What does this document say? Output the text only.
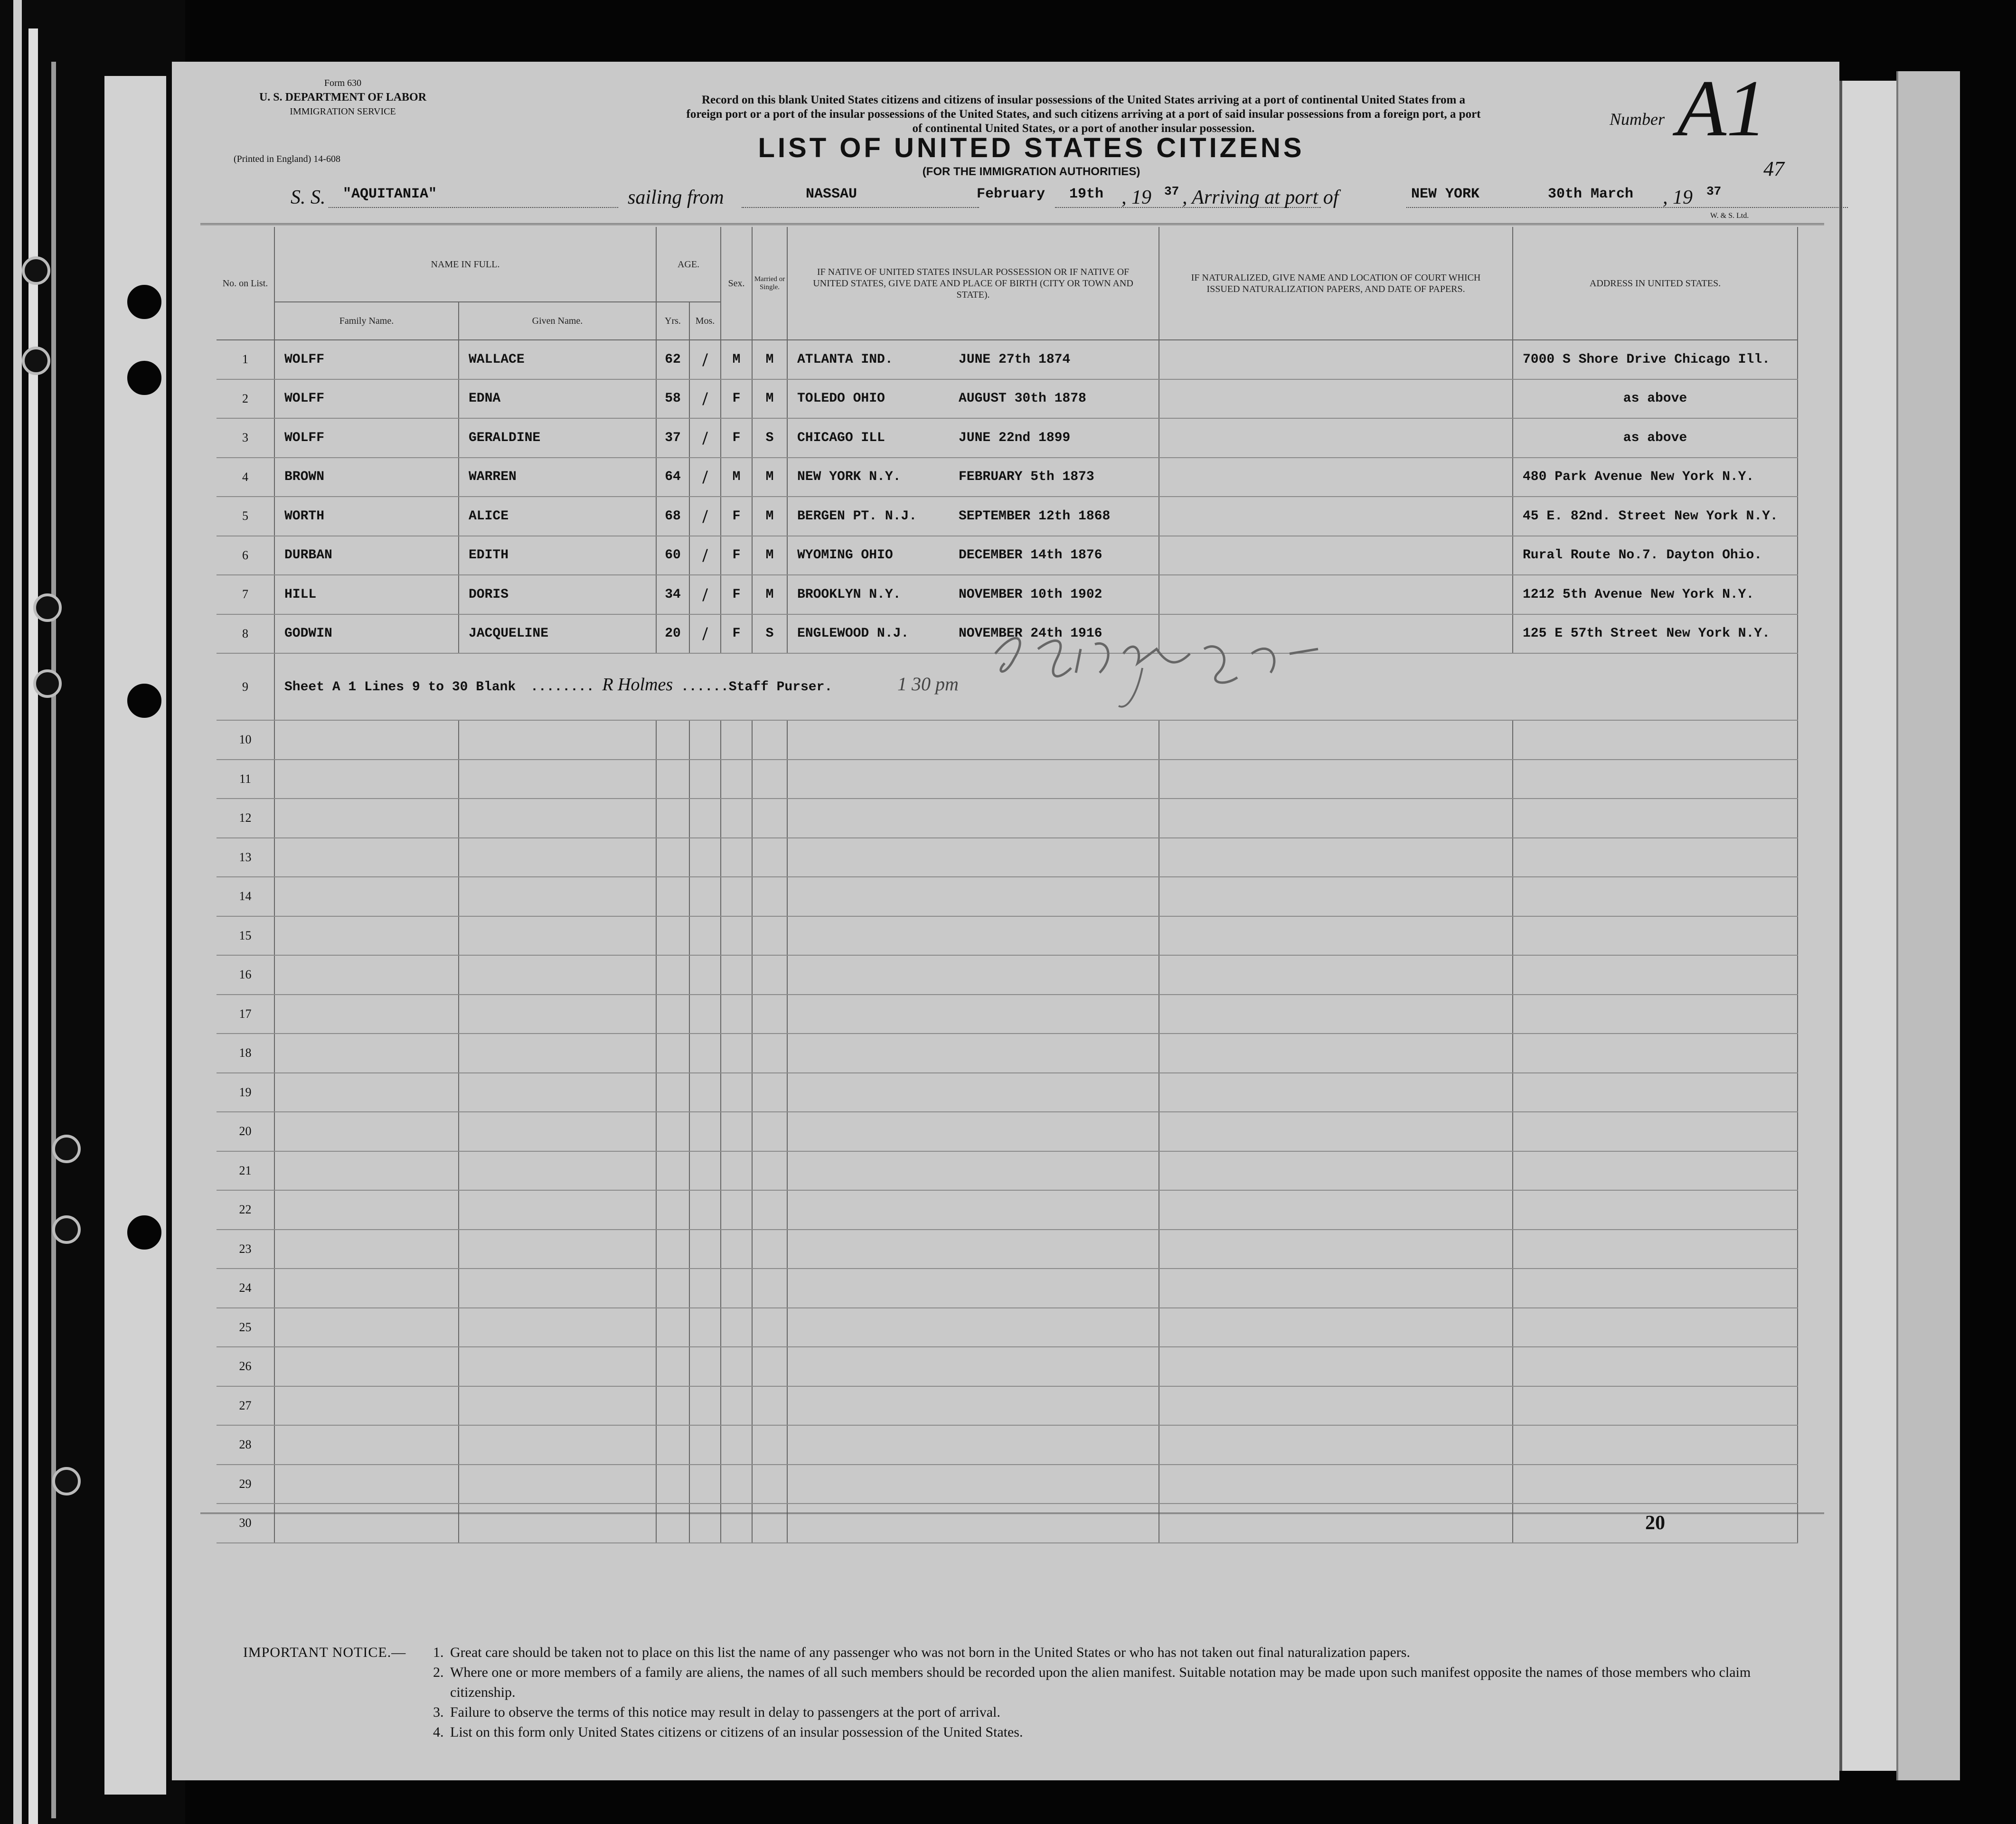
Form 630
U. S. DEPARTMENT OF LABOR
IMMIGRATION SERVICE
(Printed in England) 14-608
Record on this blank United States citizens and citizens of insular possessions of the United States arriving at a port of continental United States from a
foreign port or a port of the insular possessions of the United States, and such citizens arriving at a port of said insular possessions from a foreign port, a port
of continental United States, or a port of another insular possession.
LIST OF UNITED STATES CITIZENS
(FOR THE IMMIGRATION AUTHORITIES)
Number A1
47
S. S. "AQUITANIA"	sailing from	NASSAU	February 19th , 19 37 , Arriving at port of	NEW YORK	30th March , 19 37
W. & S. Ltd.
No. on List.	NAME IN FULL.		AGE.		Sex.	Married or Single.	IF NATIVE OF UNITED STATES INSULAR POSSESSION OR IF NATIVE OF UNITED STATES, GIVE DATE AND PLACE OF BIRTH (CITY OR TOWN AND STATE).	IF NATURALIZED, GIVE NAME AND LOCATION OF COURT WHICH ISSUED NATURALIZATION PAPERS, AND DATE OF PAPERS.	ADDRESS IN UNITED STATES.
	Family Name.	Given Name.	Yrs.	Mos.					
1	WOLFF	WALLACE	62	/	M	M	ATLANTA IND. JUNE 27th 1874		7000 S Shore Drive Chicago Ill.
2	WOLFF	EDNA	58	/	F	M	TOLEDO OHIO AUGUST 30th 1878		as above
3	WOLFF	GERALDINE	37	/	F	S	CHICAGO ILL JUNE 22nd 1899		as above
4	BROWN	WARREN	64	/	M	M	NEW YORK N.Y. FEBRUARY 5th 1873		480 Park Avenue New York N.Y.
5	WORTH	ALICE	68	/	F	M	BERGEN PT. N.J. SEPTEMBER 12th 1868		45 E. 82nd. Street New York N.Y.
6	DURBAN	EDITH	60	/	F	M	WYOMING OHIO DECEMBER 14th 1876		Rural Route No.7. Dayton Ohio.
7	HILL	DORIS	34	/	F	M	BROOKLYN N.Y. NOVEMBER 10th 1902		1212 5th Avenue New York N.Y.
8	GODWIN	JACQUELINE	20	/	F	S	ENGLEWOOD N.J. NOVEMBER 24th 1916		125 E 57th Street New York N.Y.
9	Sheet A 1 Lines 9 to 30 Blank ........ R Holmes ......Staff Purser. 1 30 pm								
10									
11									
12									
13									
14									
15									
16									
17									
18									
19									
20									
21									
22									
23									
24									
25									
26									
27									
28									
29									
30									20
IMPORTANT NOTICE.— 1. Great care should be taken not to place on this list the name of any passenger who was not born in the United States or who has not taken out final naturalization papers.
2. Where one or more members of a family are aliens, the names of all such members should be recorded upon the alien manifest. Suitable notation may be made upon such manifest opposite the names of those members who claim citizenship.
3. Failure to observe the terms of this notice may result in delay to passengers at the port of arrival.
4. List on this form only United States citizens or citizens of an insular possession of the United States.
